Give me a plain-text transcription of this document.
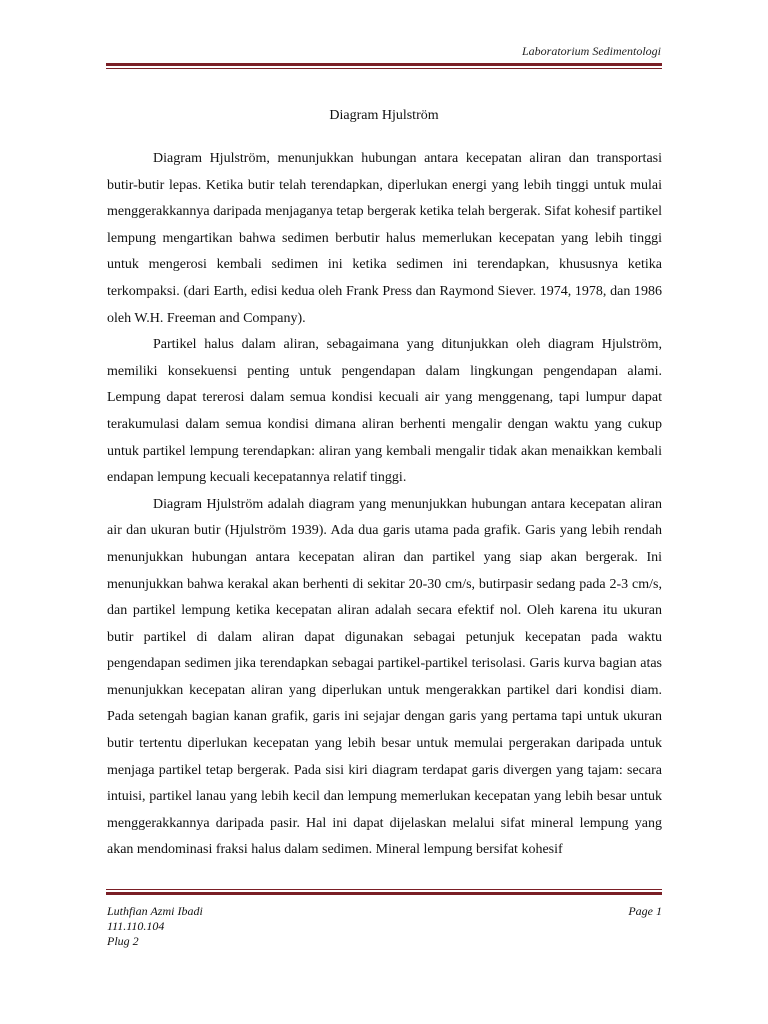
Laboratorium Sedimentologi
Diagram Hjulström

Diagram Hjulström, menunjukkan hubungan antara kecepatan aliran dan transportasi butir-butir lepas. Ketika butir telah terendapkan, diperlukan energi yang lebih tinggi untuk mulai menggerakkannya daripada menjaganya tetap bergerak ketika telah bergerak. Sifat kohesif partikel lempung mengartikan bahwa sedimen berbutir halus memerlukan kecepatan yang lebih tinggi untuk mengerosi kembali sedimen ini ketika sedimen ini terendapkan, khususnya ketika terkompaksi. (dari Earth, edisi kedua oleh Frank Press dan Raymond Siever. 1974, 1978, dan 1986 oleh W.H. Freeman and Company).

Partikel halus dalam aliran, sebagaimana yang ditunjukkan oleh diagram Hjulström, memiliki konsekuensi penting untuk pengendapan dalam lingkungan pengendapan alami. Lempung dapat tererosi dalam semua kondisi kecuali air yang menggenang, tapi lumpur dapat terakumulasi dalam semua kondisi dimana aliran berhenti mengalir dengan waktu yang cukup untuk partikel lempung terendapkan: aliran yang kembali mengalir tidak akan menaikkan kembali endapan lempung kecuali kecepatannya relatif tinggi.

Diagram Hjulström adalah diagram yang menunjukkan hubungan antara kecepatan aliran air dan ukuran butir (Hjulström 1939). Ada dua garis utama pada grafik. Garis yang lebih rendah menunjukkan hubungan antara kecepatan aliran dan partikel yang siap akan bergerak. Ini menunjukkan bahwa kerakal akan berhenti di sekitar 20-30 cm/s, butirpasir sedang pada 2-3 cm/s, dan partikel lempung ketika kecepatan aliran adalah secara efektif nol. Oleh karena itu ukuran butir partikel di dalam aliran dapat digunakan sebagai petunjuk kecepatan pada waktu pengendapan sedimen jika terendapkan sebagai partikel-partikel terisolasi. Garis kurva bagian atas menunjukkan kecepatan aliran yang diperlukan untuk mengerakkan partikel dari kondisi diam. Pada setengah bagian kanan grafik, garis ini sejajar dengan garis yang pertama tapi untuk ukuran butir tertentu diperlukan kecepatan yang lebih besar untuk memulai pergerakan daripada untuk menjaga partikel tetap bergerak. Pada sisi kiri diagram terdapat garis divergen yang tajam: secara intuisi, partikel lanau yang lebih kecil dan lempung memerlukan kecepatan yang lebih besar untuk menggerakkannya daripada pasir. Hal ini dapat dijelaskan melalui sifat mineral lempung yang akan mendominasi fraksi halus dalam sedimen. Mineral lempung bersifat kohesif

Luthfian Azmi Ibadi
111.110.104
Plug 2
Page 1
